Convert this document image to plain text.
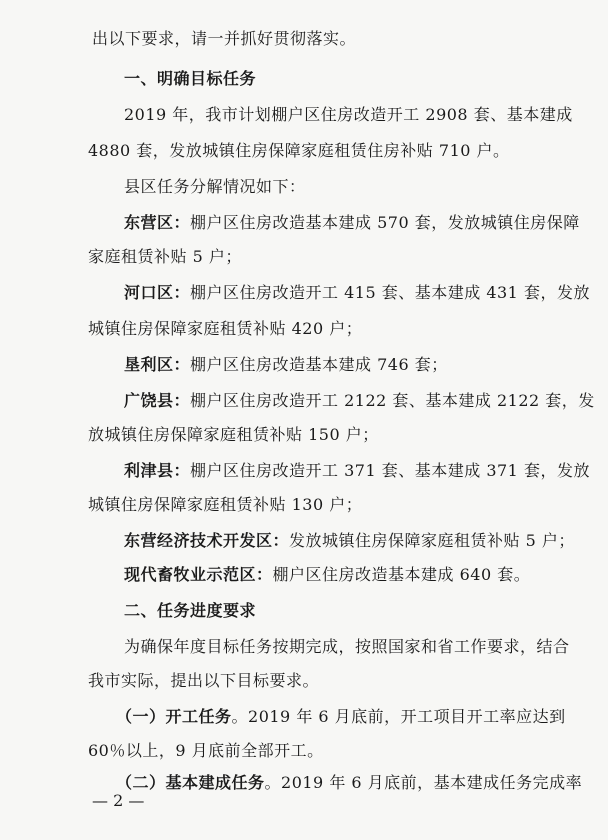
出以下要求，请一并抓好贯彻落实。
一、明确目标任务
2019 年，我市计划棚户区住房改造开工 2908 套、基本建成
4880 套，发放城镇住房保障家庭租赁住房补贴 710 户。
县区任务分解情况如下：
东营区：棚户区住房改造基本建成 570 套，发放城镇住房保障
家庭租赁补贴 5 户；
河口区：棚户区住房改造开工 415 套、基本建成 431 套，发放
城镇住房保障家庭租赁补贴 420 户；
垦利区：棚户区住房改造基本建成 746 套；
广饶县：棚户区住房改造开工 2122 套、基本建成 2122 套，发
放城镇住房保障家庭租赁补贴 150 户；
利津县：棚户区住房改造开工 371 套、基本建成 371 套，发放
城镇住房保障家庭租赁补贴 130 户；
东营经济技术开发区：发放城镇住房保障家庭租赁补贴 5 户；
现代畜牧业示范区：棚户区住房改造基本建成 640 套。
二、任务进度要求
为确保年度目标任务按期完成，按照国家和省工作要求，结合
我市实际，提出以下目标要求。
（一）开工任务。2019 年 6 月底前，开工项目开工率应达到
60％以上，9 月底前全部开工。
（二）基本建成任务。2019 年 6 月底前，基本建成任务完成率
— 2 —
